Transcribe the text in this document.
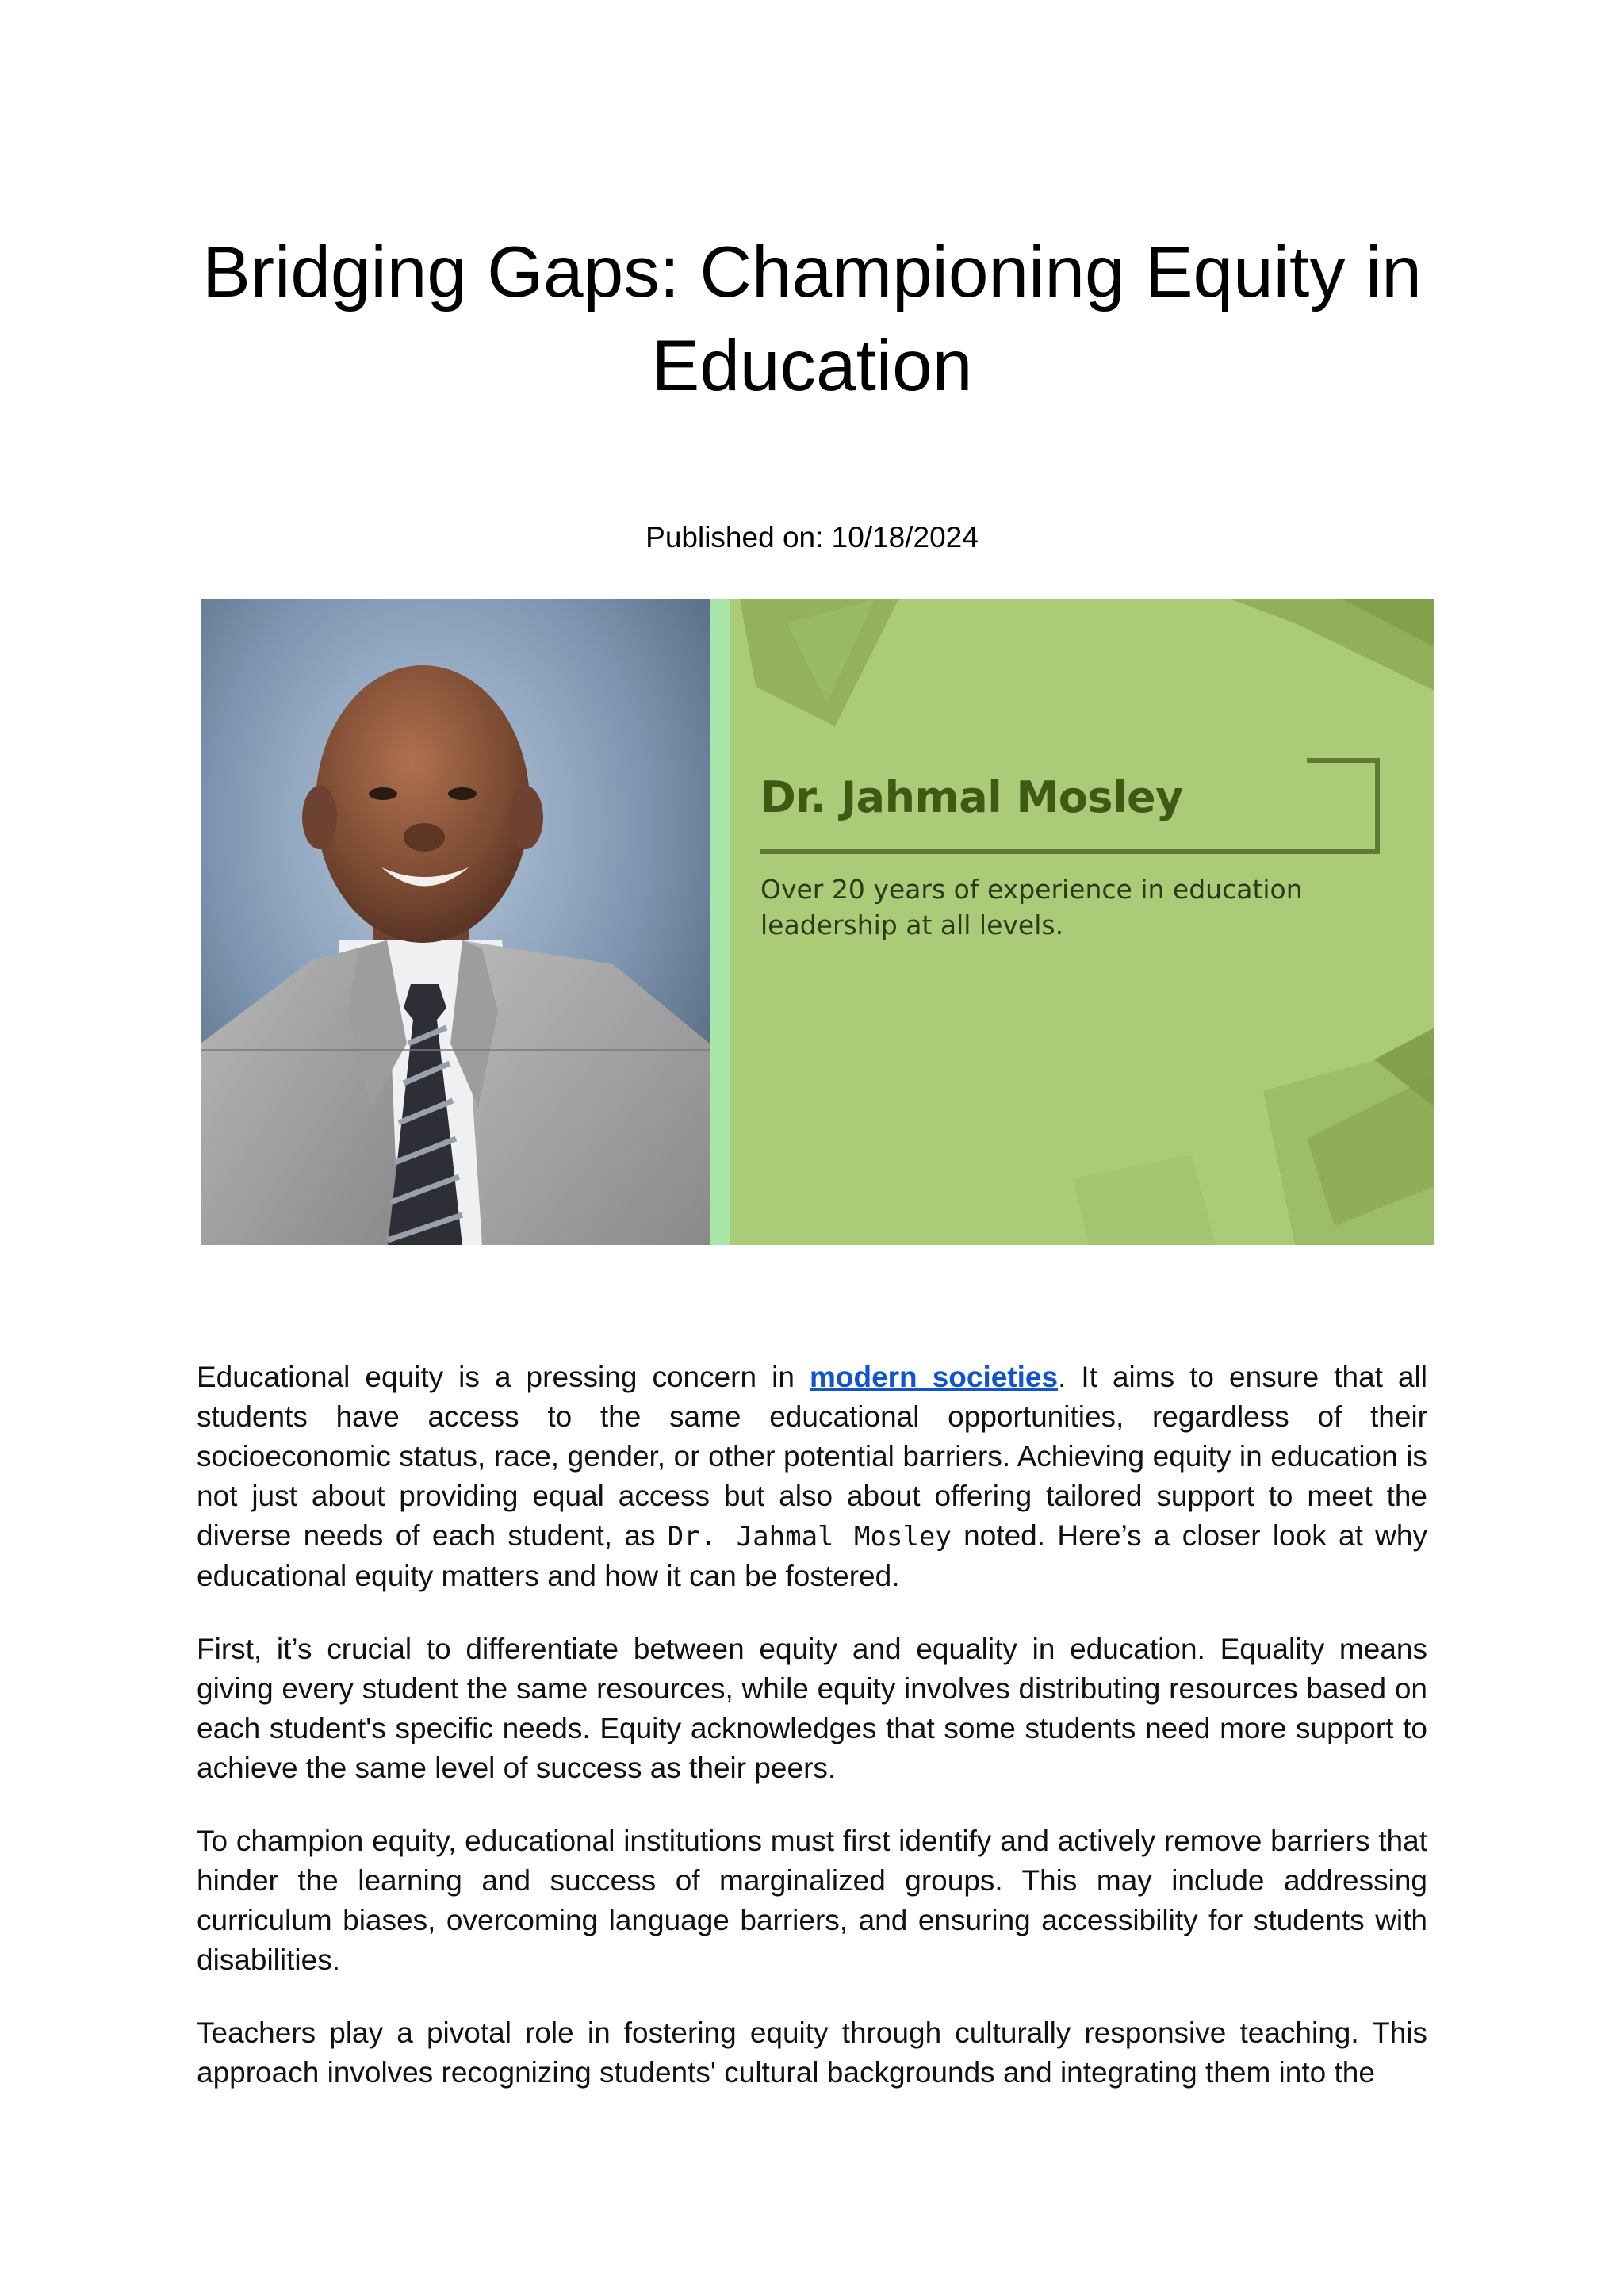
Bridging Gaps: Championing Equity in Education
Published on: 10/18/2024
Dr. Jahmal Mosley
Over 20 years of experience in education leadership at all levels.

Educational equity is a pressing concern in modern societies. It aims to ensure that all students have access to the same educational opportunities, regardless of their socioeconomic status, race, gender, or other potential barriers. Achieving equity in education is not just about providing equal access but also about offering tailored support to meet the diverse needs of each student, as Dr. Jahmal Mosley noted. Here’s a closer look at why educational equity matters and how it can be fostered.

First, it’s crucial to differentiate between equity and equality in education. Equality means giving every student the same resources, while equity involves distributing resources based on each student's specific needs. Equity acknowledges that some students need more support to achieve the same level of success as their peers.

To champion equity, educational institutions must first identify and actively remove barriers that hinder the learning and success of marginalized groups. This may include addressing curriculum biases, overcoming language barriers, and ensuring accessibility for students with disabilities.

Teachers play a pivotal role in fostering equity through culturally responsive teaching. This approach involves recognizing students' cultural backgrounds and integrating them into the
